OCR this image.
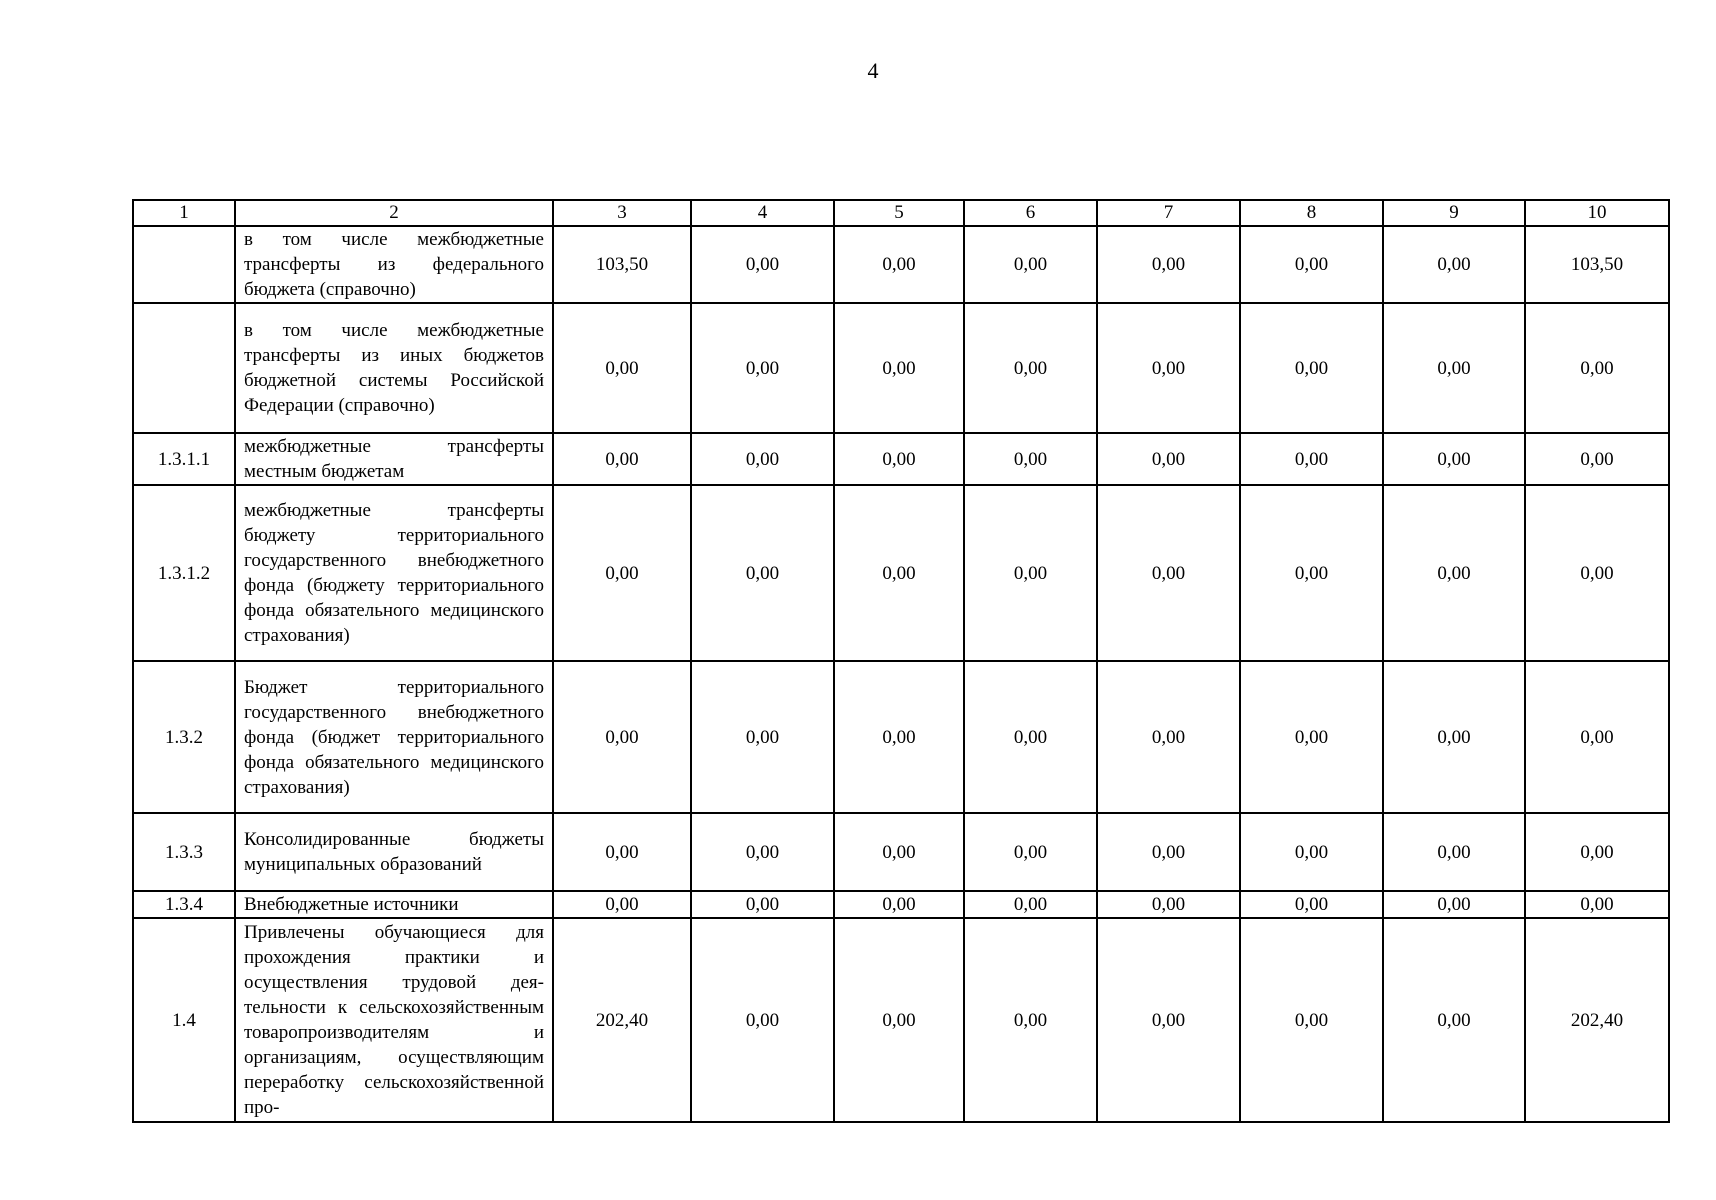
4
1	2	3	4	5	6	7	8	9	10
	в том числе межбюджетные трансферты из федерального бюджета (справочно)	103,50	0,00	0,00	0,00	0,00	0,00	0,00	103,50
	в том числе межбюджетные трансферты из иных бюджетов бюджетной системы Российской Федерации (справочно)	0,00	0,00	0,00	0,00	0,00	0,00	0,00	0,00
1.3.1.1	межбюджетные трансферты местным бюджетам	0,00	0,00	0,00	0,00	0,00	0,00	0,00	0,00
1.3.1.2	межбюджетные трансферты бюджету территориального государственного внебюджетного фонда (бюджету территориального фонда обязательного медицинского страхования)	0,00	0,00	0,00	0,00	0,00	0,00	0,00	0,00
1.3.2	Бюджет территориального государственного внебюджетного фонда (бюджет территориального фонда обязательного медицинского страхования)	0,00	0,00	0,00	0,00	0,00	0,00	0,00	0,00
1.3.3	Консолидированные бюджеты муниципальных образований	0,00	0,00	0,00	0,00	0,00	0,00	0,00	0,00
1.3.4	Внебюджетные источники	0,00	0,00	0,00	0,00	0,00	0,00	0,00	0,00
1.4	Привлечены обучающиеся для прохождения практики и осуществления трудовой деятельности к сельскохозяйственным товаропроизводителям и организациям, осуществляющим переработку сельскохозяйственной про-	202,40	0,00	0,00	0,00	0,00	0,00	0,00	202,40
